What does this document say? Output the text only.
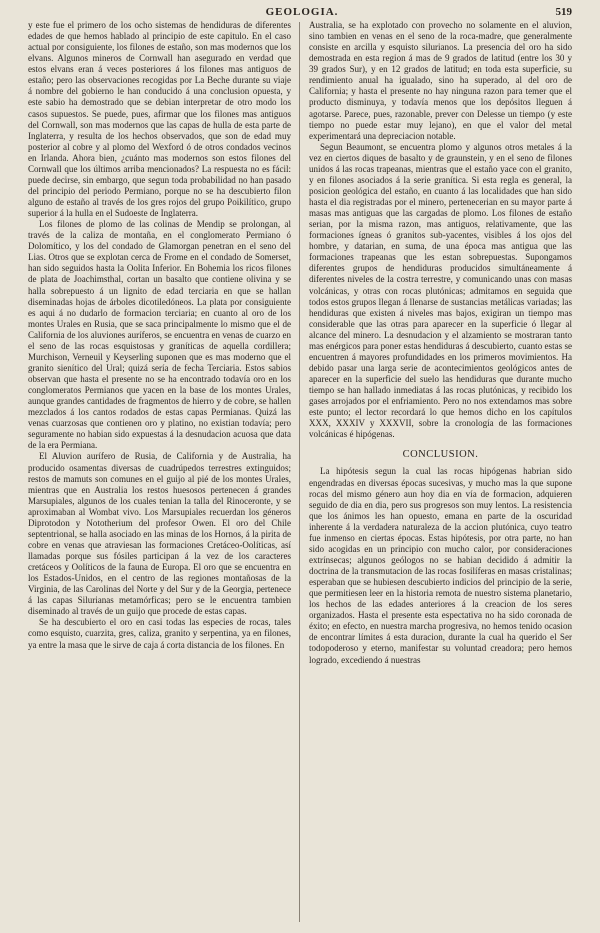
GEOLOGIA.	519

y este fue el primero de los ocho sistemas de hendiduras de diferentes edades de que hemos hablado al principio de este capitulo. En el caso actual por consiguiente, los filones de estaño, son mas modernos que los elvans. Algunos mineros de Cornwall han asegurado en verdad que estos elvans eran á veces posteriores á los filones mas antiguos de estaño; pero las observaciones recogidas por La Beche durante su viaje á nombre del gobierno le han conducido á una conclusion opuesta, y este sabio ha demostrado que se debian interpretar de otro modo los casos supuestos. Se puede, pues, afirmar que los filones mas antiguos del Cornwall, son mas modernos que las capas de hulla de esta parte de Inglaterra, y resulta de los hechos observados, que son de edad muy posterior al cobre y al plomo del Wexford ó de otros condados vecinos en Irlanda. Ahora bien, ¿cuánto mas modernos son estos filones del Cornwall que los últimos arriba mencionados? La respuesta no es fácil: puede decirse, sin embargo, que segun toda probabilidad no han pasado del principio del periodo Permiano, porque no se ha descubierto filon alguno de estaño al través de los gres rojos del grupo Poikilítico, grupo superior á la hulla en el Sudoeste de Inglaterra.

Los filones de plomo de las colinas de Mendip se prolongan, al través de la caliza de montaña, en el conglomerato Permiano ó Dolomítico, y los del condado de Glamorgan penetran en el seno del Lias. Otros que se explotan cerca de Frome en el condado de Somerset, han sido seguidos hasta la Oolita Inferior. En Bohemia los ricos filones de plata de Joachimsthal, cortan un basalto que contiene olivina y se halla sobrepuesto á un lignito de edad terciaria en que se hallan diseminadas hojas de árboles dicotiledóneos. La plata por consiguiente es aqui á no dudarlo de formacion terciaria; en cuanto al oro de los montes Urales en Rusia, que se saca principalmente lo mismo que el de California de los aluviones auríferos, se encuentra en venas de cuarzo en el seno de las rocas esquistosas y graníticas de aquella cordillera; Murchison, Verneuil y Keyserling suponen que es mas moderno que el granito sienítico del Ural; quizá sería de fecha Terciaria. Estos sabios observan que hasta el presente no se ha encontrado todavía oro en los conglomeratos Permianos que yacen en la base de los montes Urales, aunque grandes cantidades de fragmentos de hierro y de cobre, se hallen mezclados á los cantos rodados de estas capas Permianas. Quizá las venas cuarzosas que contienen oro y platino, no existian todavía; pero seguramente no habian sido expuestas á la desnudacion acuosa que data de la era Permiana.

El Aluvion aurífero de Rusia, de California y de Australia, ha producido osamentas diversas de cuadrúpedos terrestres extinguidos; restos de mamuts son comunes en el guijo al pié de los montes Urales, mientras que en Australia los restos huesosos pertenecen á grandes Marsupiales, algunos de los cuales tenian la talla del Rinoceronte, y se aproximaban al Wombat vivo. Los Marsupiales recuerdan los géneros Diprotodon y Nototherium del profesor Owen. El oro del Chile septentrional, se halla asociado en las minas de los Hornos, á la pirita de cobre en venas que atraviesan las formaciones Cretáceo-Oolíticas, así llamadas porque sus fósiles participan á la vez de los caracteres cretáceos y Oolíticos de la fauna de Europa. El oro que se encuentra en los Estados-Unidos, en el centro de las regiones montañosas de la Virginia, de las Carolinas del Norte y del Sur y de la Georgia, pertenece á las capas Silurianas metamórficas; pero se le encuentra tambien diseminado al través de un guijo que procede de estas capas.

Se ha descubierto el oro en casi todas las especies de rocas, tales como esquisto, cuarzita, gres, caliza, granito y serpentina, ya en filones, ya entre la masa que le sirve de caja á corta distancia de los filones. En

Australia, se ha explotado con provecho no solamente en el aluvion, sino tambien en venas en el seno de la roca-madre, que generalmente consiste en arcilla y esquisto silurianos. La presencia del oro ha sido demostrada en esta region á mas de 9 grados de latitud (entre los 30 y 39 grados Sur), y en 12 grados de latitud; en toda esta superficie, su rendimiento anual ha igualado, sino ha superado, al del oro de California; y hasta el presente no hay ninguna razon para temer que el producto disminuya, y todavía menos que los depósitos lleguen á agotarse. Parece, pues, razonable, prever con Delesse un tiempo (y este tiempo no puede estar muy lejano), en que el valor del metal experimentará una depreciacion notable.

Segun Beaumont, se encuentra plomo y algunos otros metales á la vez en ciertos diques de basalto y de graunstein, y en el seno de filones unidos á las rocas trapeanas, mientras que el estaño yace con el granito, y en filones asociados á la serie granítica. Si esta regla es general, la posicion geológica del estaño, en cuanto á las localidades que han sido hasta el dia registradas por el minero, pertenecerian en su mayor parte á masas mas antiguas que las cargadas de plomo. Los filones de estaño serian, por la misma razon, mas antiguos, relativamente, que las formaciones ígneas ó granitos sub-yacentes, visibles á los ojos del hombre, y datarian, en suma, de una época mas antigua que las formaciones trapeanas que les estan sobrepuestas. Supongamos diferentes grupos de hendiduras producidos simultáneamente á diferentes niveles de la costra terrestre, y comunicando unas con masas volcánicas, y otras con rocas plutónicas; admitamos en seguida que todos estos grupos llegan á llenarse de sustancias metálicas variadas; las hendiduras que existen á niveles mas bajos, exigiran un tiempo mas considerable que las otras para aparecer en la superficie ó llegar al alcance del minero. La desnudacion y el alzamiento se mostraran tanto mas enérgicos para poner estas hendiduras á descubierto, cuanto estas se encuentren á mayores profundidades en los primeros movimientos. Ha debido pasar una larga serie de acontecimientos geológicos antes de aparecer en la superficie del suelo las hendiduras que durante mucho tiempo se han hallado inmediatas á las rocas plutónicas, y recibido los gases arrojados por el enfriamiento. Pero no nos extendamos mas sobre este punto; el lector recordará lo que hemos dicho en los capítulos XXX, XXXIV y XXXVII, sobre la cronología de las formaciones volcánicas é hipógenas.

CONCLUSION.

La hipótesis segun la cual las rocas hipógenas habrian sido engendradas en diversas épocas sucesivas, y mucho mas la que supone rocas del mismo género aun hoy dia en vía de formacion, adquieren seguido de dia en dia, pero sus progresos son muy lentos. La resistencia que los ánimos les han opuesto, emana en parte de la oscuridad inherente á la verdadera naturaleza de la accion plutónica, cuyo teatro fue inmenso en ciertas épocas. Estas hipótesis, por otra parte, no han sido acogidas en un principio con mucho calor, por consideraciones extrínsecas; algunos geólogos no se habian decidido á admitir la doctrina de la transmutacion de las rocas fosilíferas en masas cristalinas; esperaban que se hubiesen descubierto indicios del principio de la serie, que permitiesen leer en la historia remota de nuestro sistema planetario, los hechos de las edades anteriores á la creacion de los seres organizados. Hasta el presente esta espectativa no ha sido coronada de éxito; en efecto, en nuestra marcha progresiva, no hemos tenido ocasion de encontrar límites á esta duracion, durante la cual ha querido el Ser todopoderoso y eterno, manifestar su voluntad creadora; pero hemos logrado, excediendo á nuestras
